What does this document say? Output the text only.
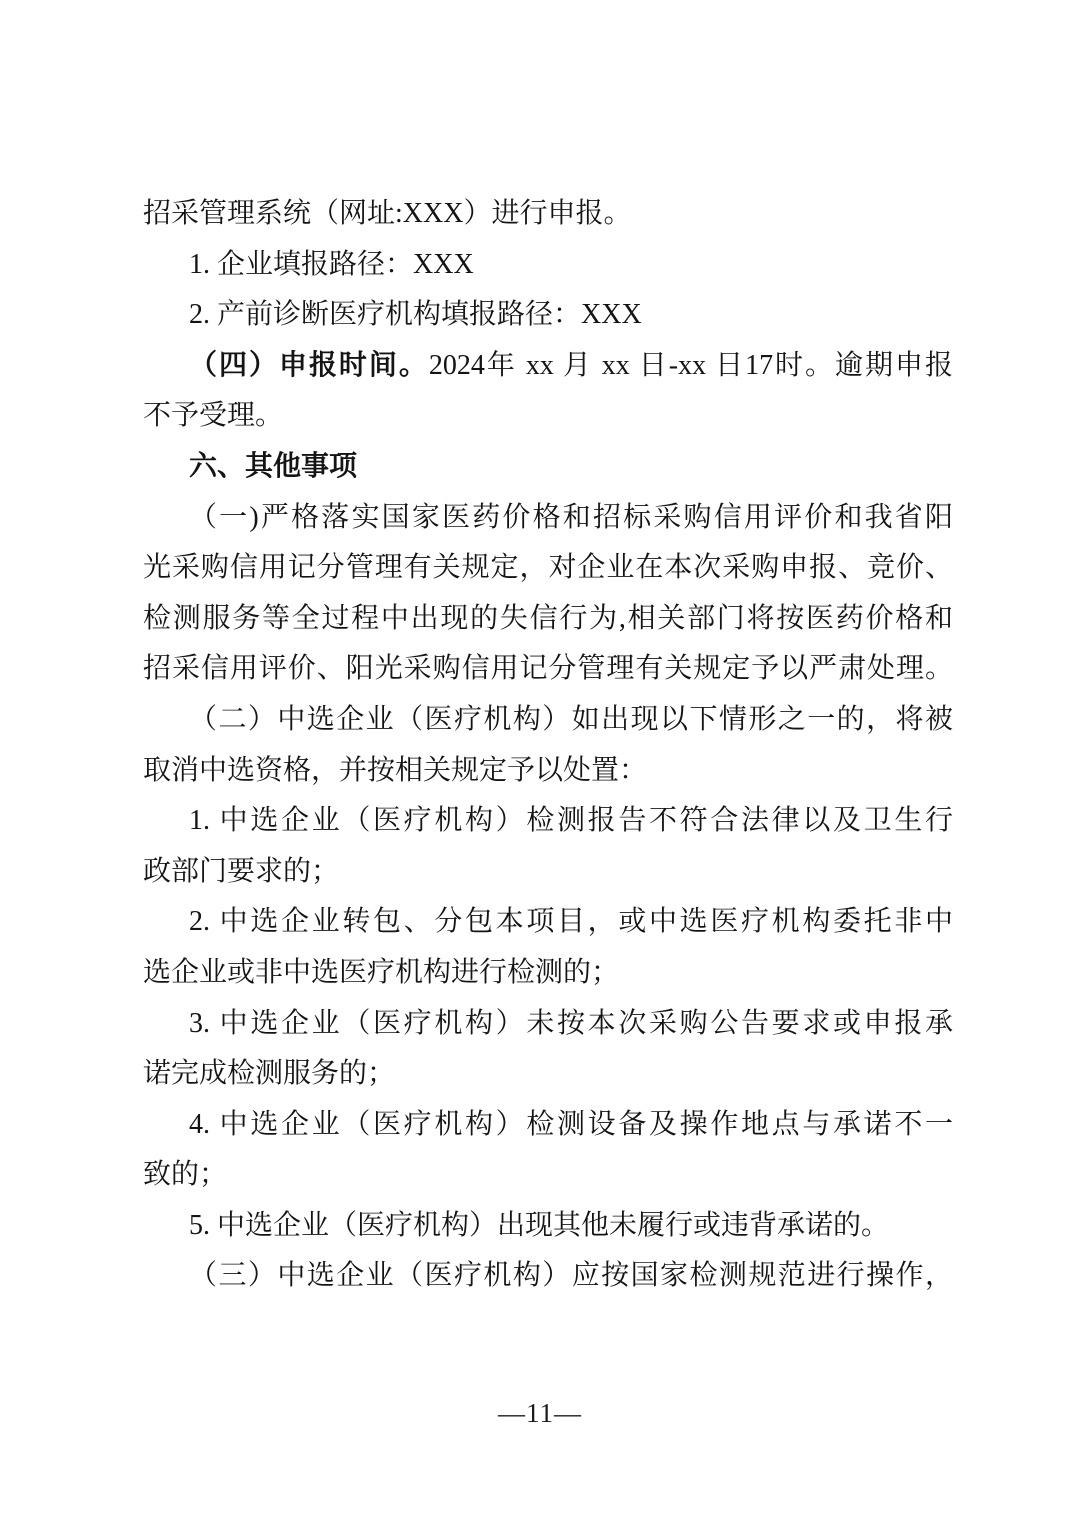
招采管理系统（网址:XXX）进行申报。
1. 企业填报路径：XXX
2. 产前诊断医疗机构填报路径：XXX
（四）申报时间。2024年 xx 月 xx 日-xx 日17时。逾期申报
不予受理。
六、其他事项
（一)严格落实国家医药价格和招标采购信用评价和我省阳
光采购信用记分管理有关规定，对企业在本次采购申报、竞价、
检测服务等全过程中出现的失信行为,相关部门将按医药价格和
招采信用评价、阳光采购信用记分管理有关规定予以严肃处理。
（二）中选企业（医疗机构）如出现以下情形之一的，将被
取消中选资格，并按相关规定予以处置：
1. 中选企业（医疗机构）检测报告不符合法律以及卫生行
政部门要求的；
2. 中选企业转包、分包本项目，或中选医疗机构委托非中
选企业或非中选医疗机构进行检测的；
3. 中选企业（医疗机构）未按本次采购公告要求或申报承
诺完成检测服务的；
4. 中选企业（医疗机构）检测设备及操作地点与承诺不一
致的；
5. 中选企业（医疗机构）出现其他未履行或违背承诺的。
（三）中选企业（医疗机构）应按国家检测规范进行操作，
—11—
